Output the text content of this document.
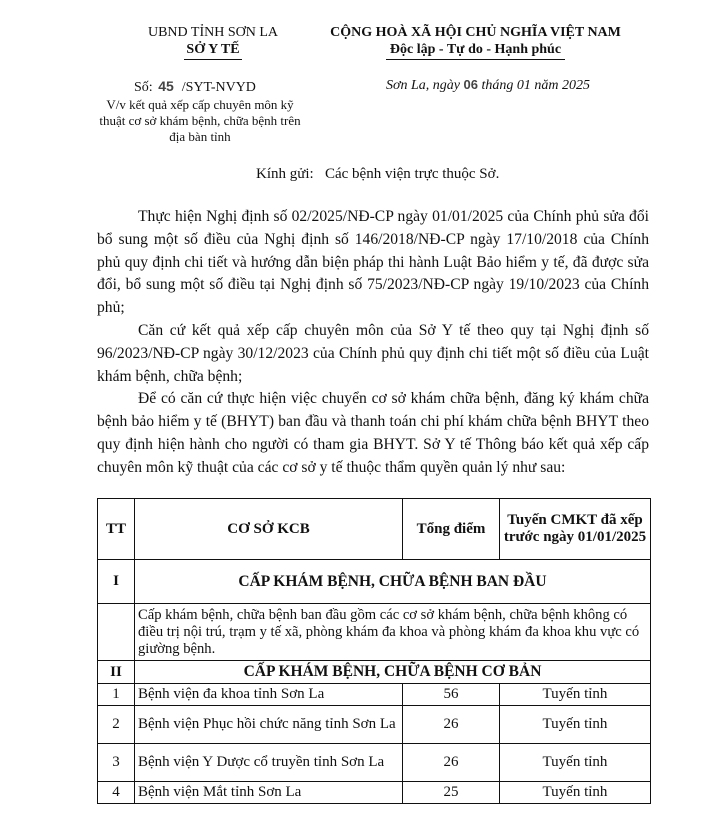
UBND TỈNH SƠN LA
SỞ Y TẾ
CỘNG HOÀ XÃ HỘI CHỦ NGHĨA VIỆT NAM
Độc lập - Tự do - Hạnh phúc
Số: 45 /SYT-NVYD
V/v kết quả xếp cấp chuyên môn kỹ thuật cơ sở khám bệnh, chữa bệnh trên địa bàn tỉnh
Sơn La, ngày 06 tháng 01 năm 2025
Kính gửi: Các bệnh viện trực thuộc Sở.

Thực hiện Nghị định số 02/2025/NĐ-CP ngày 01/01/2025 của Chính phủ sửa đổi bổ sung một số điều của Nghị định số 146/2018/NĐ-CP ngày 17/10/2018 của Chính phủ quy định chi tiết và hướng dẫn biện pháp thi hành Luật Bảo hiểm y tế, đã được sửa đổi, bổ sung một số điều tại Nghị định số 75/2023/NĐ-CP ngày 19/10/2023 của Chính phủ;

Căn cứ kết quả xếp cấp chuyên môn của Sở Y tế theo quy tại Nghị định số 96/2023/NĐ-CP ngày 30/12/2023 của Chính phủ quy định chi tiết một số điều của Luật khám bệnh, chữa bệnh;

Để có căn cứ thực hiện việc chuyển cơ sở khám chữa bệnh, đăng ký khám chữa bệnh bảo hiểm y tế (BHYT) ban đầu và thanh toán chi phí khám chữa bệnh BHYT theo quy định hiện hành cho người có tham gia BHYT. Sở Y tế Thông báo kết quả xếp cấp chuyên môn kỹ thuật của các cơ sở y tế thuộc thẩm quyền quản lý như sau:

TT	CƠ SỞ KCB	Tổng điểm	Tuyến CMKT đã xếp trước ngày 01/01/2025
I	CẤP KHÁM BỆNH, CHỮA BỆNH BAN ĐẦU		
	Cấp khám bệnh, chữa bệnh ban đầu gồm các cơ sở khám bệnh, chữa bệnh không có điều trị nội trú, trạm y tế xã, phòng khám đa khoa và phòng khám đa khoa khu vực có giường bệnh.		
II	CẤP KHÁM BỆNH, CHỮA BỆNH CƠ BẢN		
1	Bệnh viện đa khoa tỉnh Sơn La	56	Tuyến tỉnh
2	Bệnh viện Phục hồi chức năng tỉnh Sơn La	26	Tuyến tỉnh
3	Bệnh viện Y Dược cổ truyền tỉnh Sơn La	26	Tuyến tỉnh
4	Bệnh viện Mắt tỉnh Sơn La	25	Tuyến tỉnh
